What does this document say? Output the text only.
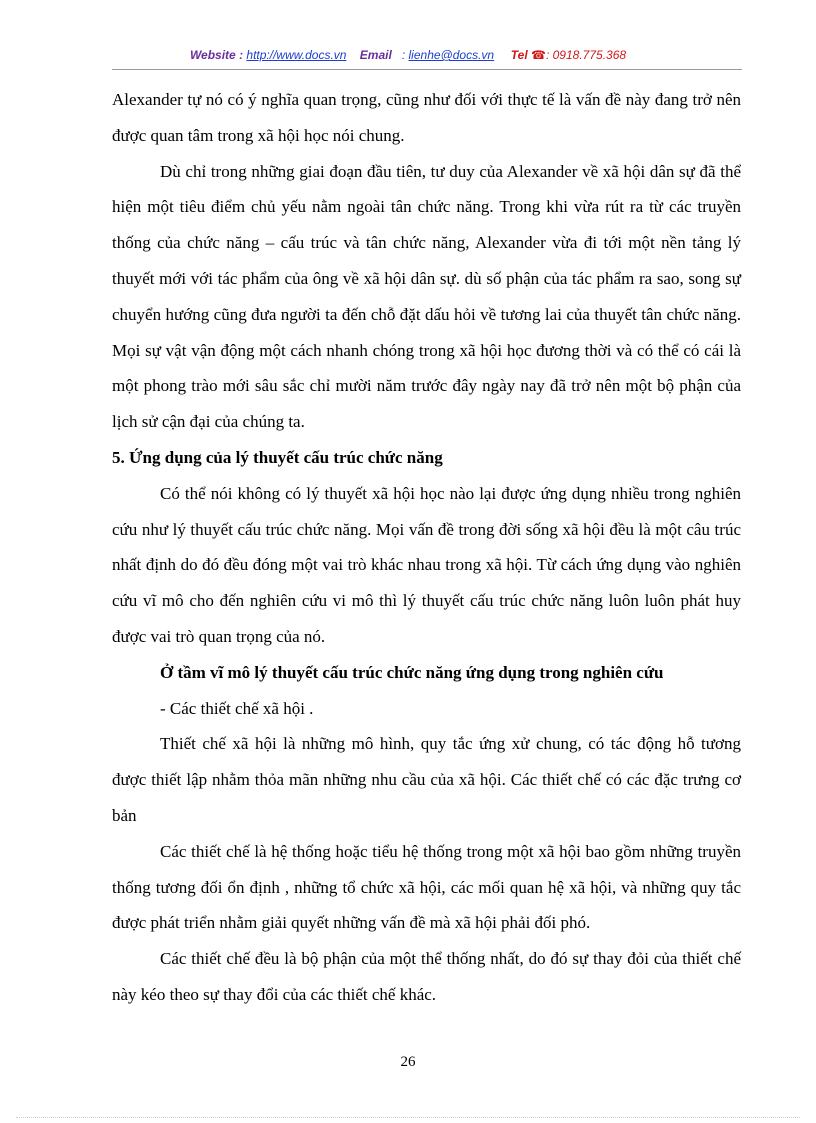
Website : http://www.docs.vn Email : lienhe@docs.vn Tel ☎: 0918.775.368

Alexander tự nó có ý nghĩa quan trọng, cũng như đối với thực tế là vấn đề này đang trở nên được quan tâm trong xã hội học nói chung.

Dù chỉ trong những giai đoạn đầu tiên, tư duy của Alexander về xã hội dân sự đã thể hiện một tiêu điểm chủ yếu nằm ngoài tân chức năng. Trong khi vừa rút ra từ các truyền thống của chức năng – cấu trúc và tân chức năng, Alexander vừa đi tới một nền tảng lý thuyết mới với tác phẩm của ông về xã hội dân sự. dù số phận của tác phẩm ra sao, song sự chuyển hướng cũng đưa người ta đến chỗ đặt dấu hỏi về tương lai của thuyết tân chức năng. Mọi sự vật vận động một cách nhanh chóng trong xã hội học đương thời và có thể có cái là một phong trào mới sâu sắc chỉ mười năm trước đây ngày nay đã trở nên một bộ phận của lịch sử cận đại của chúng ta.

5. Ứng dụng của lý thuyết cấu trúc chức năng

Có thể nói không có lý thuyết xã hội học nào lại được ứng dụng nhiều trong nghiên cứu như lý thuyết cấu trúc chức năng. Mọi vấn đề trong đời sống xã hội đều là một câu trúc nhất định do đó đều đóng một vai trò khác nhau trong xã hội. Từ cách ứng dụng vào nghiên cứu vĩ mô cho đến nghiên cứu vi mô thì lý thuyết cấu trúc chức năng luôn luôn phát huy được vai trò quan trọng của nó.

Ở tầm vĩ mô lý thuyết cấu trúc chức năng ứng dụng trong nghiên cứu

- Các thiết chế xã hội .

Thiết chế xã hội là những mô hình, quy tắc ứng xử chung, có tác động hỗ tương được thiết lập nhằm thỏa mãn những nhu cầu của xã hội. Các thiết chế có các đặc trưng cơ bản

Các thiết chế là hệ thống hoặc tiểu hệ thống trong một xã hội bao gồm những truyền thống tương đối ổn định , những tổ chức xã hội, các mối quan hệ xã hội, và những quy tắc được phát triển nhằm giải quyết những vấn đề mà xã hội phải đối phó.

Các thiết chế đều là bộ phận của một thể thống nhất, do đó sự thay đỏi của thiết chế này kéo theo sự thay đổi của các thiết chế khác.

26
